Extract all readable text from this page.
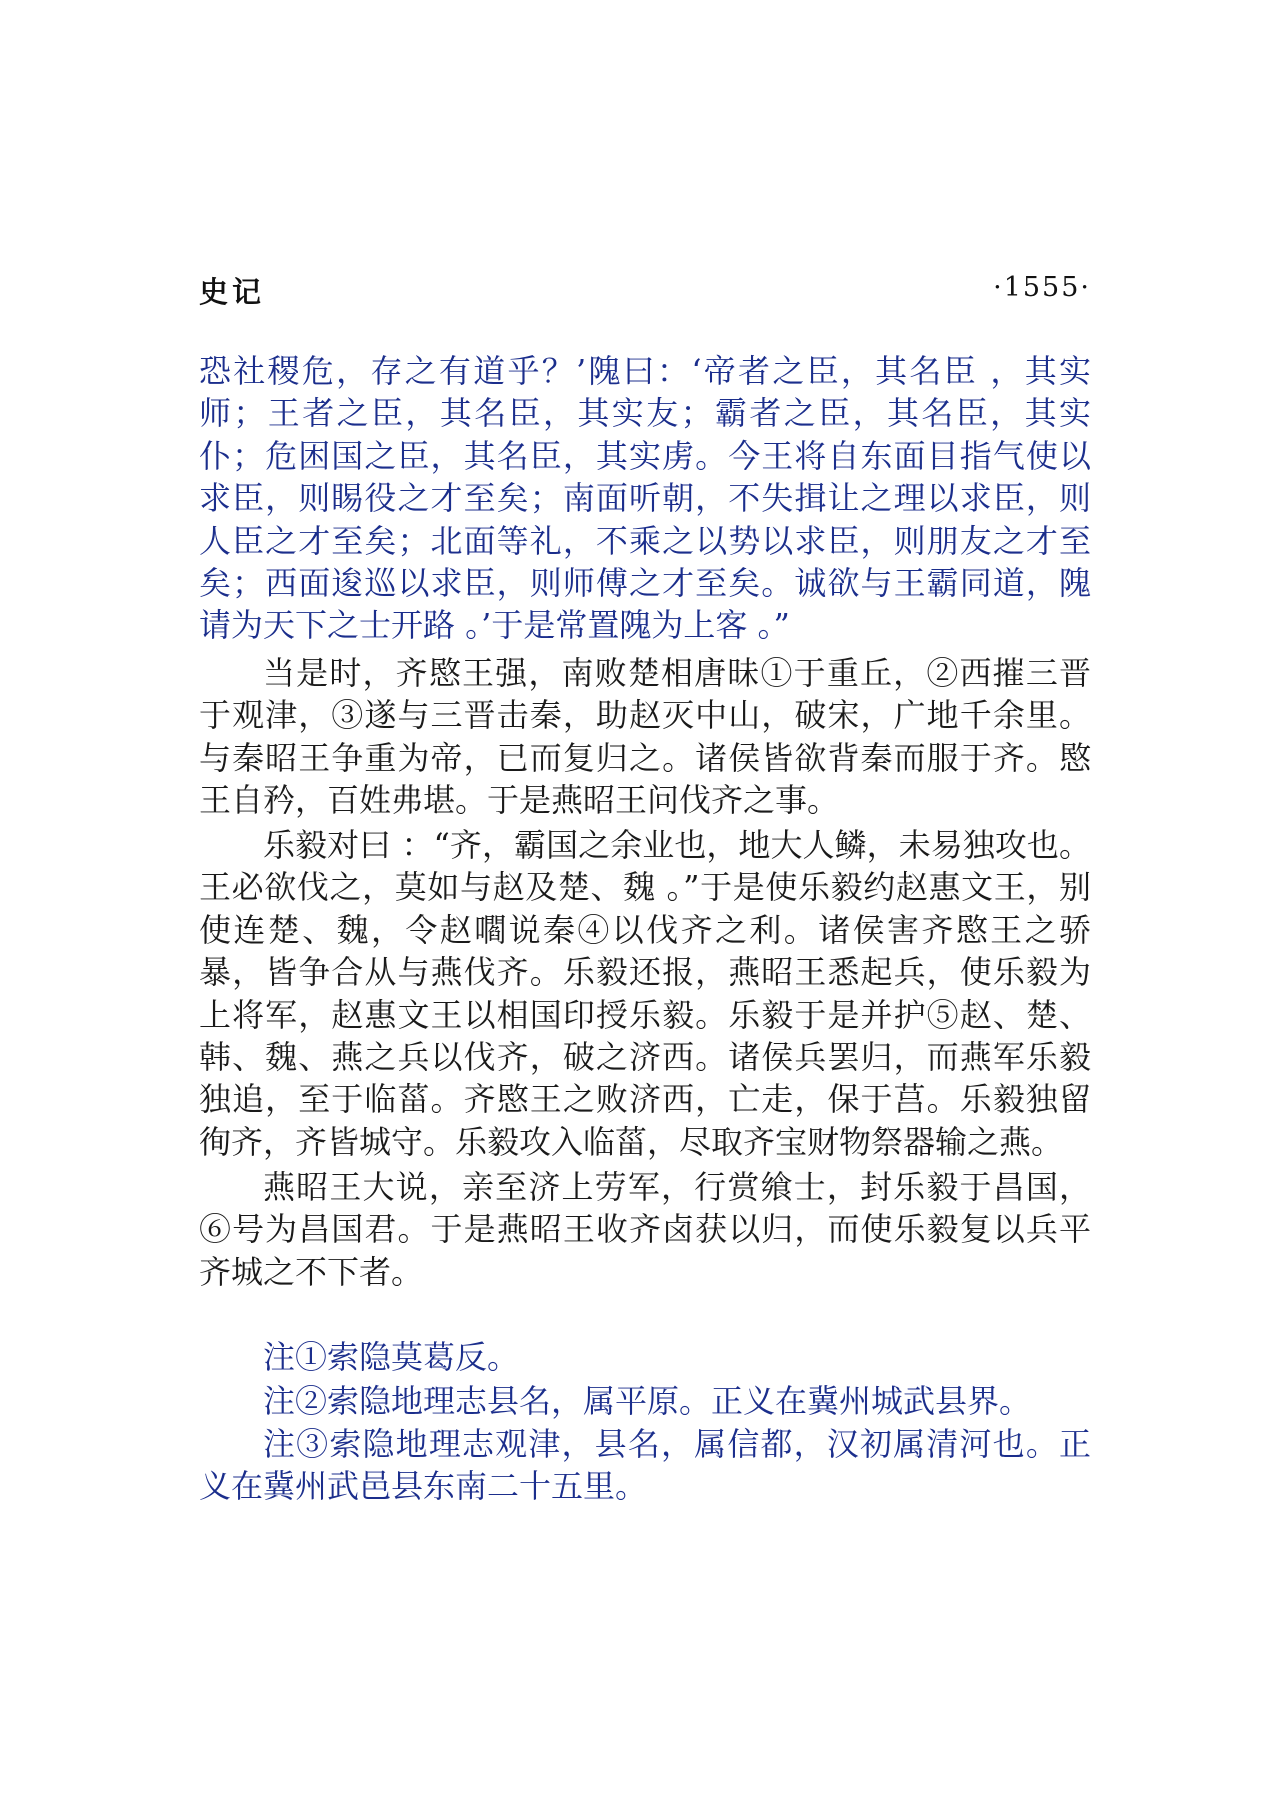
史记	·1555·

恐社稷危，存之有道乎？’隗曰：‘帝者之臣，其名臣 ，其实师；王者之臣，其名臣，其实友；霸者之臣，其名臣，其实仆；危困国之臣，其名臣，其实虏。今王将自东面目指气使以求臣，则睗役之才至矣；南面听朝，不失揖让之理以求臣，则人臣之才至矣；北面等礼，不乘之以势以求臣，则朋友之才至矣；西面逡巡以求臣，则师傅之才至矣。诚欲与王霸同道，隗请为天下之士开路 。’于是常置隗为上客 。”

当是时，齐愍王强，南败楚相唐昧①于重丘，②西摧三晋于观津，③遂与三晋击秦，助赵灭中山，破宋，广地千余里。与秦昭王争重为帝，已而复归之。诸侯皆欲背秦而服于齐。愍王自矜，百姓弗堪。于是燕昭王问伐齐之事。

乐毅对曰 ：“齐，霸国之余业也，地大人鳞，未易独攻也。王必欲伐之，莫如与赵及楚、魏 。”于是使乐毅约赵惠文王，别使连楚、魏，令赵嚪说秦④以伐齐之利。诸侯害齐愍王之骄暴，皆争合从与燕伐齐。乐毅还报，燕昭王悉起兵，使乐毅为上将军，赵惠文王以相国印授乐毅。乐毅于是并护⑤赵、楚、韩、魏、燕之兵以伐齐，破之济西。诸侯兵罢归，而燕军乐毅独追，至于临菑。齐愍王之败济西，亡走，保于莒。乐毅独留徇齐，齐皆城守。乐毅攻入临菑，尽取齐宝财物祭器输之燕。

燕昭王大说，亲至济上劳军，行赏飨士，封乐毅于昌国，⑥号为昌国君。于是燕昭王收齐卤获以归，而使乐毅复以兵平齐城之不下者。

注①索隐莫葛反。

注②索隐地理志县名，属平原。正义在冀州城武县界。

注③索隐地理志观津，县名，属信都，汉初属清河也。正义在冀州武邑县东南二十五里。
